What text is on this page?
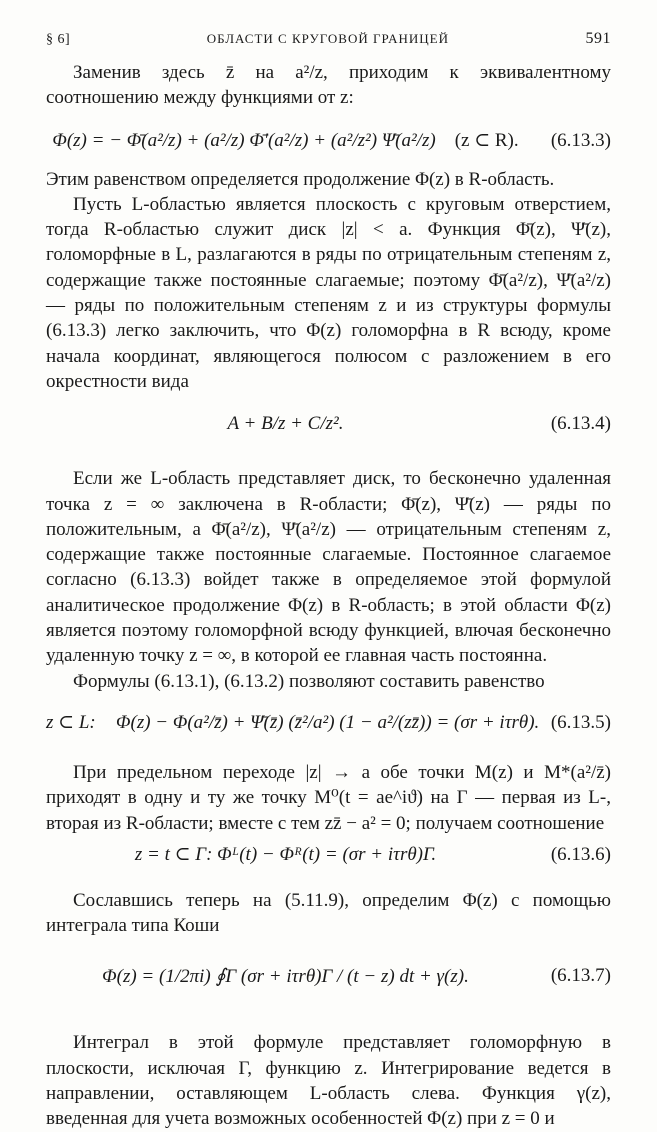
§ 6]	ОБЛАСТИ С КРУГОВОЙ ГРАНИЦЕЙ	591

Заменив здесь z̄ на a²/z, приходим к эквивалентному соотношению между функциями от z:

Φ(z) = − Φ̄(a²/z) + (a²/z) Φ̄′(a²/z) + (a²/z²) Ψ̄(a²/z) (z ⊂ R).	(6.13.3)

Этим равенством определяется продолжение Φ(z) в R-область.

Пусть L-областью является плоскость с круговым отверстием, тогда R-областью служит диск |z| < a. Функция Φ̄(z), Ψ̄(z), голоморфные в L, разлагаются в ряды по отрицательным степеням z, содержащие также постоянные слагаемые; поэтому Φ̄(a²/z), Ψ̄(a²/z) — ряды по положительным степеням z и из структуры формулы (6.13.3) легко заключить, что Φ(z) голоморфна в R всюду, кроме начала координат, являющегося полюсом с разложением в его окрестности вида

A + B/z + C/z².	(6.13.4)

Если же L-область представляет диск, то бесконечно удаленная точка z = ∞ заключена в R-области; Φ̄(z), Ψ̄(z) — ряды по положительным, а Φ̄(a²/z), Ψ̄(a²/z) — отрицательным степеням z, содержащие также постоянные слагаемые. Постоянное слагаемое согласно (6.13.3) войдет также в определяемое этой формулой аналитическое продолжение Φ(z) в R-область; в этой области Φ(z) является поэтому голоморфной всюду функцией, влючая бесконечно удаленную точку z = ∞, в которой ее главная часть постоянна.

Формулы (6.13.1), (6.13.2) позволяют составить равенство

z ⊂ L:	Φ(z) − Φ(a²/z̄) + Ψ̄(z̄) (z̄²/a²) (1 − a²/(zz̄)) = (σr + iτrθ). (6.13.5)

При предельном переходе |z| → a обе точки M(z) и M*(a²/z̄) приходят в одну и ту же точку M⁰(t = ae^iϑ) на Γ — первая из L-, вторая из R-области; вместе с тем zz̄ − a² = 0; получаем соотношение

z = t ⊂ Γ: Φᴸ(t) − Φᴿ(t) = (σr + iτrθ)Γ.	(6.13.6)

Сославшись теперь на (5.11.9), определим Φ(z) с помощью интеграла типа Коши

Φ(z) = (1/2πi) ∮Γ (σr + iτrθ)Γ / (t − z) dt + γ(z).	(6.13.7)

Интеграл в этой формуле представляет голоморфную в плоскости, исключая Γ, функцию z. Интегрирование ведется в направлении, оставляющем L-область слева. Функция γ(z), введенная для учета возможных особенностей Φ(z) при z = 0 и
